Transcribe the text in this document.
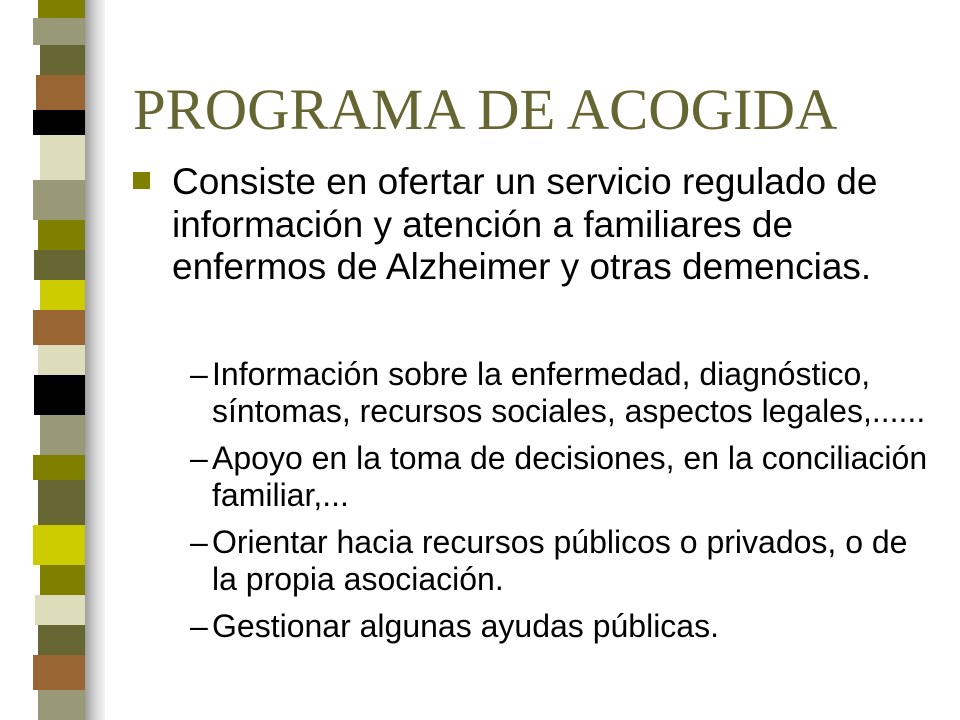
PROGRAMA DE ACOGIDA

Consiste en ofertar un servicio regulado de información y atención a familiares de enfermos de Alzheimer y otras demencias.

– Información sobre la enfermedad, diagnóstico, síntomas, recursos sociales, aspectos legales,......
– Apoyo en la toma de decisiones, en la conciliación familiar,...
– Orientar hacia recursos públicos o privados, o de la propia asociación.
– Gestionar algunas ayudas públicas.
